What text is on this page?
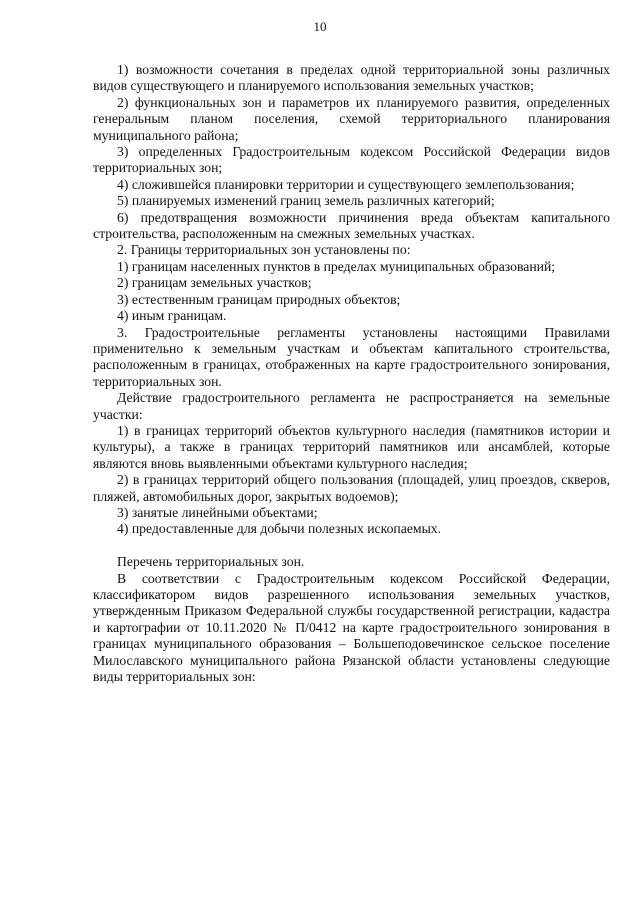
10

1) возможности сочетания в пределах одной территориальной зоны различных видов существующего и планируемого использования земельных участков;

2) функциональных зон и параметров их планируемого развития, определенных генеральным планом поселения, схемой территориального планирования муниципального района;

3) определенных Градостроительным кодексом Российской Федерации видов территориальных зон;

4) сложившейся планировки территории и существующего землепользования;

5) планируемых изменений границ земель различных категорий;

6) предотвращения возможности причинения вреда объектам капитального строительства, расположенным на смежных земельных участках.

2. Границы территориальных зон установлены по:

1) границам населенных пунктов в пределах муниципальных образований;

2) границам земельных участков;

3) естественным границам природных объектов;

4) иным границам.

3. Градостроительные регламенты установлены настоящими Правилами применительно к земельным участкам и объектам капитального строительства, расположенным в границах, отображенных на карте градостроительного зонирования, территориальных зон.

Действие градостроительного регламента не распространяется на земельные участки:

1) в границах территорий объектов культурного наследия (памятников истории и культуры), а также в границах территорий памятников или ансамблей, которые являются вновь выявленными объектами культурного наследия;

2) в границах территорий общего пользования (площадей, улиц проездов, скверов, пляжей, автомобильных дорог, закрытых водоемов);

3) занятые линейными объектами;

4) предоставленные для добычи полезных ископаемых.

Перечень территориальных зон.

В соответствии с Градостроительным кодексом Российской Федерации, классификатором видов разрешенного использования земельных участков, утвержденным Приказом Федеральной службы государственной регистрации, кадастра и картографии от 10.11.2020 № П/0412 на карте градостроительного зонирования в границах муниципального образования – Большеподовечинское сельское поселение Милославского муниципального района Рязанской области установлены следующие виды территориальных зон:
